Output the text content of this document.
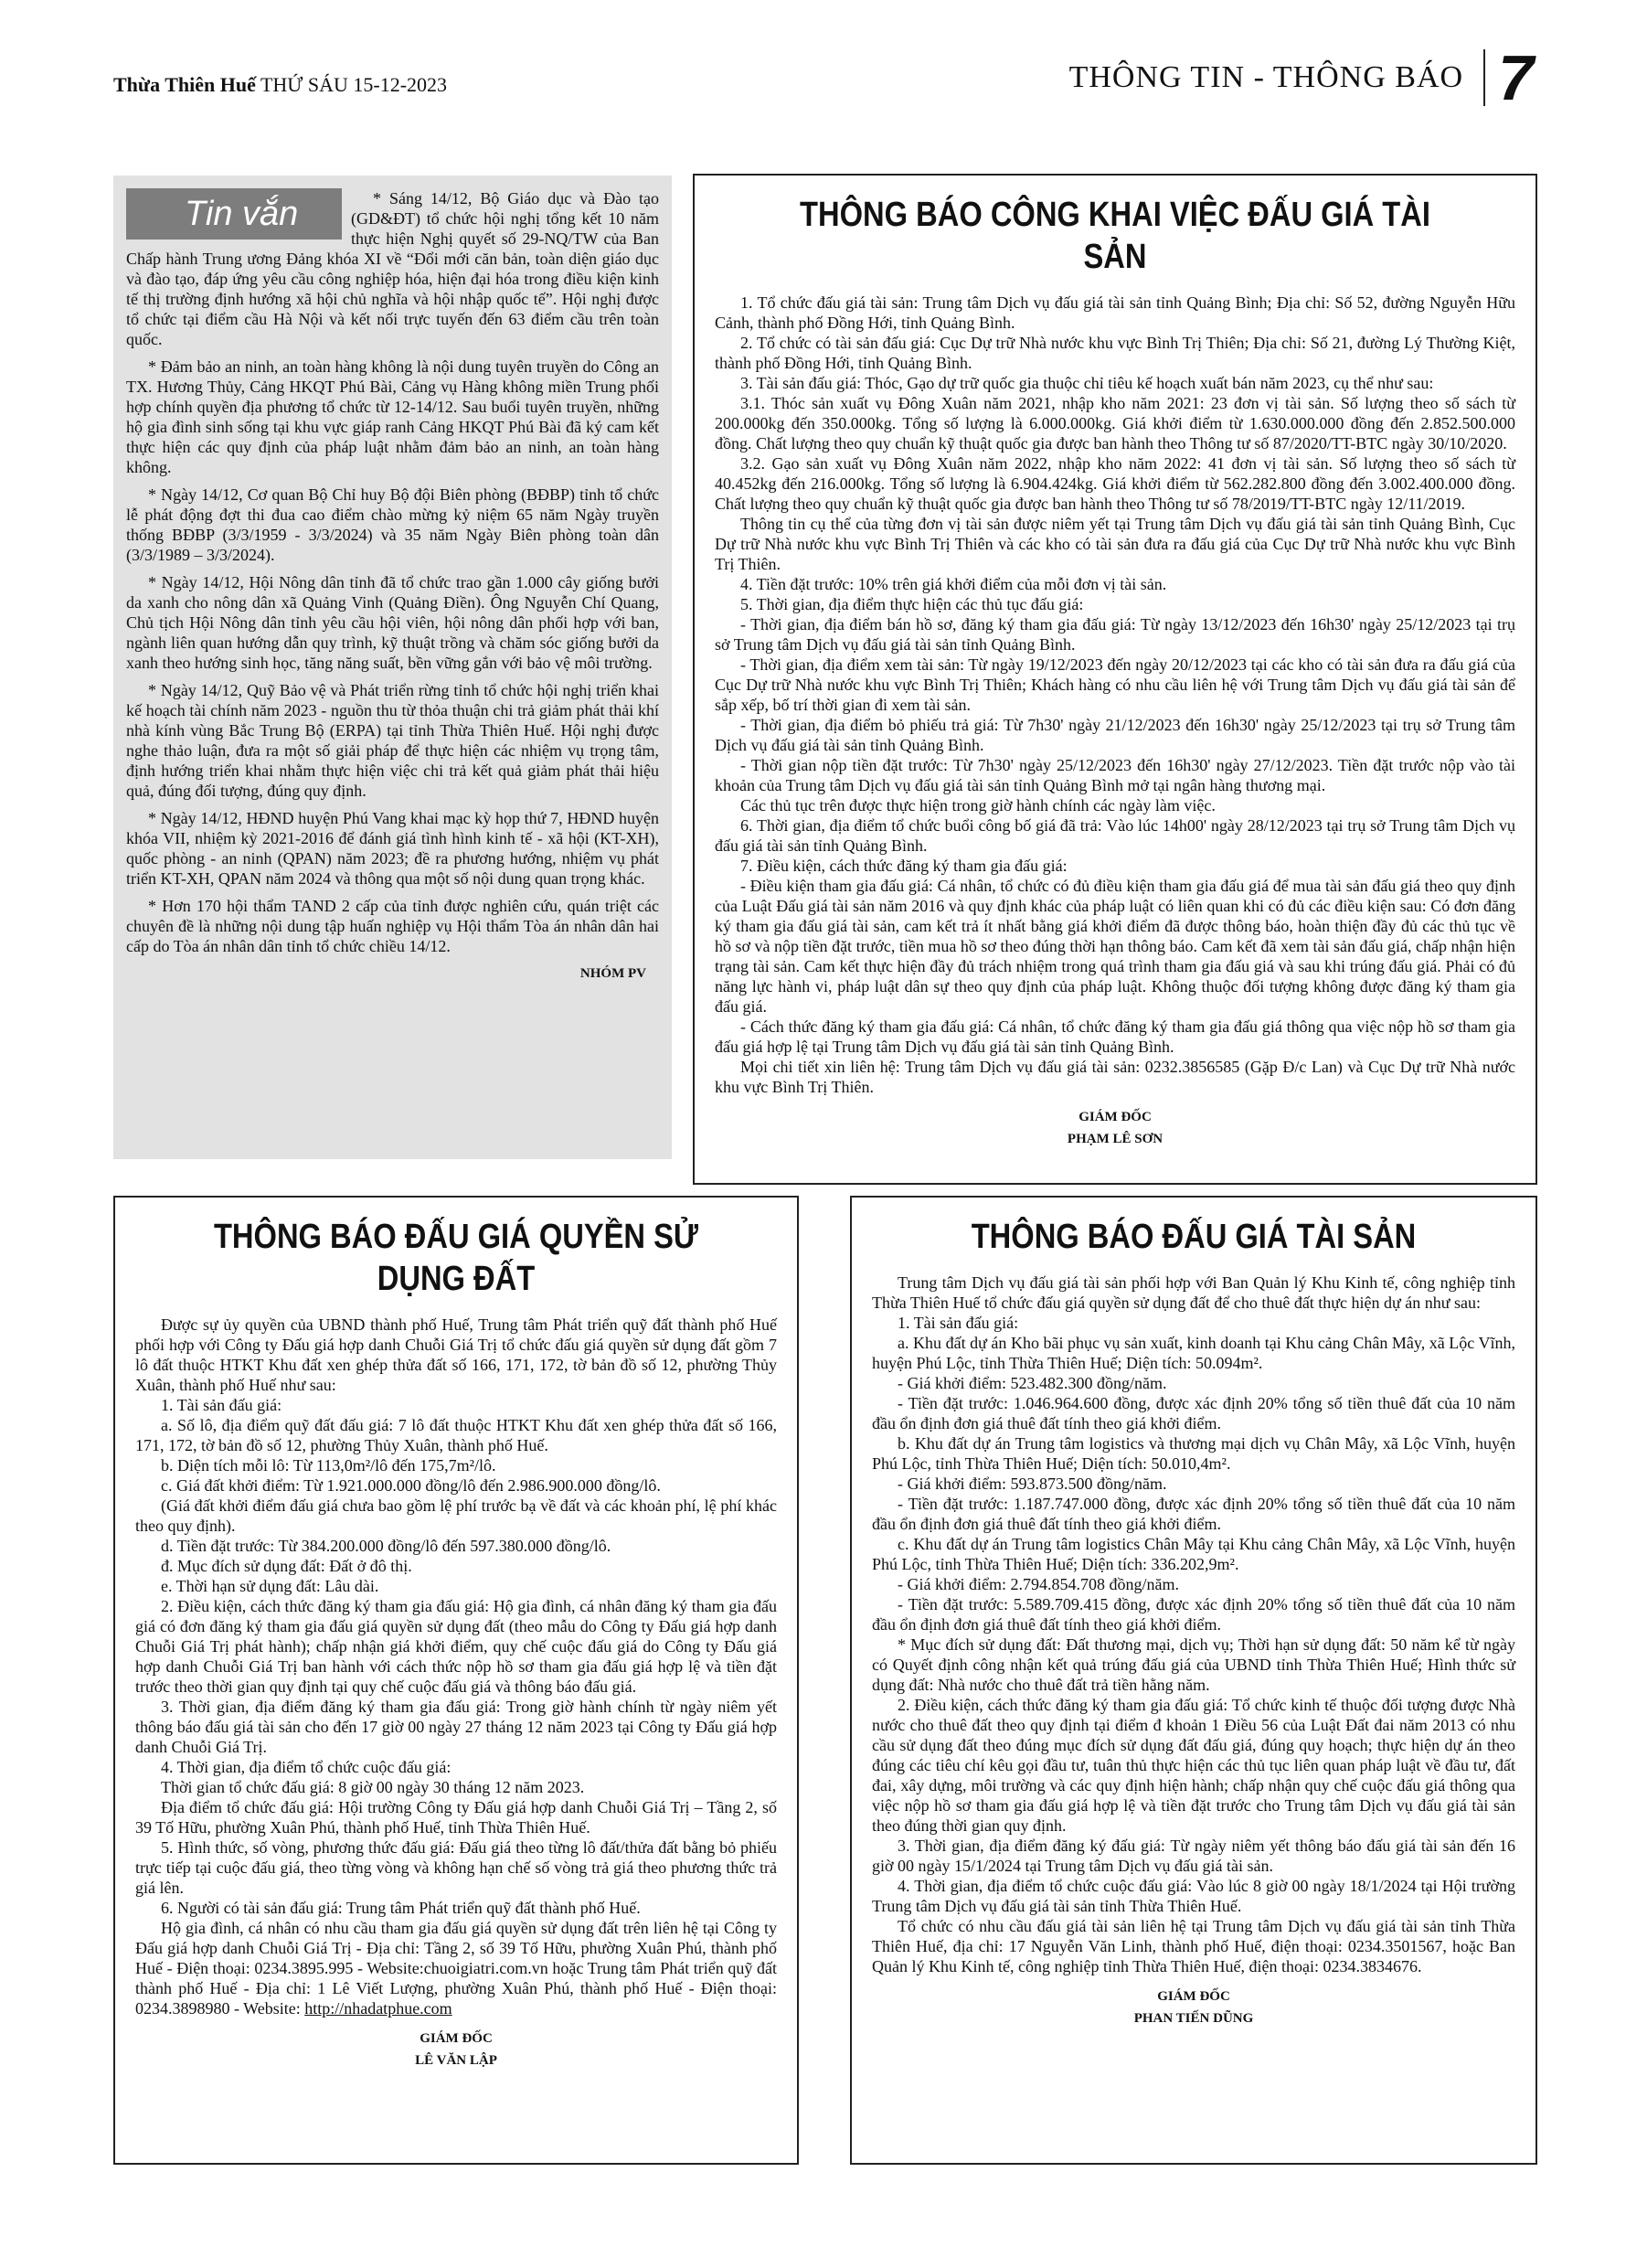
Thừa Thiên Huế THỨ SÁU 15-12-2023	THÔNG TIN - THÔNG BÁO 7
Tin vắn	* Sáng 14/12, Bộ Giáo dục và Đào tạo (GD&ĐT) tổ chức hội nghị tổng kết 10 năm thực hiện Nghị quyết số 29-NQ/TW của Ban Chấp hành Trung ương Đảng khóa XI về “Đổi mới căn bản, toàn diện giáo dục và đào tạo, đáp ứng yêu cầu công nghiệp hóa, hiện đại hóa trong điều kiện kinh tế thị trường định hướng xã hội chủ nghĩa và hội nhập quốc tế”. Hội nghị được tổ chức tại điểm cầu Hà Nội và kết nối trực tuyến đến 63 điểm cầu trên toàn quốc.

* Đảm bảo an ninh, an toàn hàng không là nội dung tuyên truyền do Công an TX. Hương Thủy, Cảng HKQT Phú Bài, Cảng vụ Hàng không miền Trung phối hợp chính quyền địa phương tổ chức từ 12-14/12. Sau buổi tuyên truyền, những hộ gia đình sinh sống tại khu vực giáp ranh Cảng HKQT Phú Bài đã ký cam kết thực hiện các quy định của pháp luật nhằm đảm bảo an ninh, an toàn hàng không.

* Ngày 14/12, Cơ quan Bộ Chỉ huy Bộ đội Biên phòng (BĐBP) tỉnh tổ chức lễ phát động đợt thi đua cao điểm chào mừng kỷ niệm 65 năm Ngày truyền thống BĐBP (3/3/1959 - 3/3/2024) và 35 năm Ngày Biên phòng toàn dân (3/3/1989 – 3/3/2024).

* Ngày 14/12, Hội Nông dân tỉnh đã tổ chức trao gần 1.000 cây giống bưởi da xanh cho nông dân xã Quảng Vinh (Quảng Điền). Ông Nguyễn Chí Quang, Chủ tịch Hội Nông dân tỉnh yêu cầu hội viên, hội nông dân phối hợp với ban, ngành liên quan hướng dẫn quy trình, kỹ thuật trồng và chăm sóc giống bưởi da xanh theo hướng sinh học, tăng năng suất, bền vững gắn với bảo vệ môi trường.

* Ngày 14/12, Quỹ Bảo vệ và Phát triển rừng tỉnh tổ chức hội nghị triển khai kế hoạch tài chính năm 2023 - nguồn thu từ thỏa thuận chi trả giảm phát thải khí nhà kính vùng Bắc Trung Bộ (ERPA) tại tỉnh Thừa Thiên Huế. Hội nghị được nghe thảo luận, đưa ra một số giải pháp để thực hiện các nhiệm vụ trọng tâm, định hướng triển khai nhằm thực hiện việc chi trả kết quả giảm phát thải hiệu quả, đúng đối tượng, đúng quy định.

* Ngày 14/12, HĐND huyện Phú Vang khai mạc kỳ họp thứ 7, HĐND huyện khóa VII, nhiệm kỳ 2021-2016 để đánh giá tình hình kinh tế - xã hội (KT-XH), quốc phòng - an ninh (QPAN) năm 2023; đề ra phương hướng, nhiệm vụ phát triển KT-XH, QPAN năm 2024 và thông qua một số nội dung quan trọng khác.

* Hơn 170 hội thẩm TAND 2 cấp của tỉnh được nghiên cứu, quán triệt các chuyên đề là những nội dung tập huấn nghiệp vụ Hội thẩm Tòa án nhân dân hai cấp do Tòa án nhân dân tỉnh tổ chức chiều 14/12.

NHÓM PV

THÔNG BÁO CÔNG KHAI VIỆC ĐẤU GIÁ TÀI SẢN

1. Tổ chức đấu giá tài sản: Trung tâm Dịch vụ đấu giá tài sản tỉnh Quảng Bình; Địa chỉ: Số 52, đường Nguyễn Hữu Cảnh, thành phố Đồng Hới, tỉnh Quảng Bình.

2. Tổ chức có tài sản đấu giá: Cục Dự trữ Nhà nước khu vực Bình Trị Thiên; Địa chỉ: Số 21, đường Lý Thường Kiệt, thành phố Đồng Hới, tỉnh Quảng Bình.

3. Tài sản đấu giá: Thóc, Gạo dự trữ quốc gia thuộc chỉ tiêu kế hoạch xuất bán năm 2023, cụ thể như sau:

3.1. Thóc sản xuất vụ Đông Xuân năm 2021, nhập kho năm 2021: 23 đơn vị tài sản. Số lượng theo số sách từ 200.000kg đến 350.000kg. Tổng số lượng là 6.000.000kg. Giá khởi điểm từ 1.630.000.000 đồng đến 2.852.500.000 đồng. Chất lượng theo quy chuẩn kỹ thuật quốc gia được ban hành theo Thông tư số 87/2020/TT-BTC ngày 30/10/2020.

3.2. Gạo sản xuất vụ Đông Xuân năm 2022, nhập kho năm 2022: 41 đơn vị tài sản. Số lượng theo số sách từ 40.452kg đến 216.000kg. Tổng số lượng là 6.904.424kg. Giá khởi điểm từ 562.282.800 đồng đến 3.002.400.000 đồng. Chất lượng theo quy chuẩn kỹ thuật quốc gia được ban hành theo Thông tư số 78/2019/TT-BTC ngày 12/11/2019.

Thông tin cụ thể của từng đơn vị tài sản được niêm yết tại Trung tâm Dịch vụ đấu giá tài sản tỉnh Quảng Bình, Cục Dự trữ Nhà nước khu vực Bình Trị Thiên và các kho có tài sản đưa ra đấu giá của Cục Dự trữ Nhà nước khu vực Bình Trị Thiên.

4. Tiền đặt trước: 10% trên giá khởi điểm của mỗi đơn vị tài sản.

5. Thời gian, địa điểm thực hiện các thủ tục đấu giá:

- Thời gian, địa điểm bán hồ sơ, đăng ký tham gia đấu giá: Từ ngày 13/12/2023 đến 16h30' ngày 25/12/2023 tại trụ sở Trung tâm Dịch vụ đấu giá tài sản tỉnh Quảng Bình.

- Thời gian, địa điểm xem tài sản: Từ ngày 19/12/2023 đến ngày 20/12/2023 tại các kho có tài sản đưa ra đấu giá của Cục Dự trữ Nhà nước khu vực Bình Trị Thiên; Khách hàng có nhu cầu liên hệ với Trung tâm Dịch vụ đấu giá tài sản để sắp xếp, bố trí thời gian đi xem tài sản.

- Thời gian, địa điểm bỏ phiếu trả giá: Từ 7h30' ngày 21/12/2023 đến 16h30' ngày 25/12/2023 tại trụ sở Trung tâm Dịch vụ đấu giá tài sản tỉnh Quảng Bình.

- Thời gian nộp tiền đặt trước: Từ 7h30' ngày 25/12/2023 đến 16h30' ngày 27/12/2023. Tiền đặt trước nộp vào tài khoản của Trung tâm Dịch vụ đấu giá tài sản tỉnh Quảng Bình mở tại ngân hàng thương mại.

Các thủ tục trên được thực hiện trong giờ hành chính các ngày làm việc.

6. Thời gian, địa điểm tổ chức buổi công bố giá đã trả: Vào lúc 14h00' ngày 28/12/2023 tại trụ sở Trung tâm Dịch vụ đấu giá tài sản tỉnh Quảng Bình.

7. Điều kiện, cách thức đăng ký tham gia đấu giá:

- Điều kiện tham gia đấu giá: Cá nhân, tổ chức có đủ điều kiện tham gia đấu giá để mua tài sản đấu giá theo quy định của Luật Đấu giá tài sản năm 2016 và quy định khác của pháp luật có liên quan khi có đủ các điều kiện sau: Có đơn đăng ký tham gia đấu giá tài sản, cam kết trả ít nhất bằng giá khởi điểm đã được thông báo, hoàn thiện đầy đủ các thủ tục về hồ sơ và nộp tiền đặt trước, tiền mua hồ sơ theo đúng thời hạn thông báo. Cam kết đã xem tài sản đấu giá, chấp nhận hiện trạng tài sản. Cam kết thực hiện đầy đủ trách nhiệm trong quá trình tham gia đấu giá và sau khi trúng đấu giá. Phải có đủ năng lực hành vi, pháp luật dân sự theo quy định của pháp luật. Không thuộc đối tượng không được đăng ký tham gia đấu giá.

- Cách thức đăng ký tham gia đấu giá: Cá nhân, tổ chức đăng ký tham gia đấu giá thông qua việc nộp hồ sơ tham gia đấu giá hợp lệ tại Trung tâm Dịch vụ đấu giá tài sản tỉnh Quảng Bình.

Mọi chi tiết xin liên hệ: Trung tâm Dịch vụ đấu giá tài sản: 0232.3856585 (Gặp Đ/c Lan) và Cục Dự trữ Nhà nước khu vực Bình Trị Thiên.

GIÁM ĐỐC
PHẠM LÊ SƠN
THÔNG BÁO ĐẤU GIÁ QUYỀN SỬ DỤNG ĐẤT

Được sự ủy quyền của UBND thành phố Huế, Trung tâm Phát triển quỹ đất thành phố Huế phối hợp với Công ty Đấu giá hợp danh Chuỗi Giá Trị tổ chức đấu giá quyền sử dụng đất gồm 7 lô đất thuộc HTKT Khu đất xen ghép thửa đất số 166, 171, 172, tờ bản đồ số 12, phường Thủy Xuân, thành phố Huế như sau:

1. Tài sản đấu giá:

a. Số lô, địa điểm quỹ đất đấu giá: 7 lô đất thuộc HTKT Khu đất xen ghép thửa đất số 166, 171, 172, tờ bản đồ số 12, phường Thủy Xuân, thành phố Huế.

b. Diện tích mỗi lô: Từ 113,0m²/lô đến 175,7m²/lô.

c. Giá đất khởi điểm: Từ 1.921.000.000 đồng/lô đến 2.986.900.000 đồng/lô.

(Giá đất khởi điểm đấu giá chưa bao gồm lệ phí trước bạ về đất và các khoản phí, lệ phí khác theo quy định).

d. Tiền đặt trước: Từ 384.200.000 đồng/lô đến 597.380.000 đồng/lô.

đ. Mục đích sử dụng đất: Đất ở đô thị.

e. Thời hạn sử dụng đất: Lâu dài.

2. Điều kiện, cách thức đăng ký tham gia đấu giá: Hộ gia đình, cá nhân đăng ký tham gia đấu giá có đơn đăng ký tham gia đấu giá quyền sử dụng đất (theo mẫu do Công ty Đấu giá hợp danh Chuỗi Giá Trị phát hành); chấp nhận giá khởi điểm, quy chế cuộc đấu giá do Công ty Đấu giá hợp danh Chuỗi Giá Trị ban hành với cách thức nộp hồ sơ tham gia đấu giá hợp lệ và tiền đặt trước theo thời gian quy định tại quy chế cuộc đấu giá và thông báo đấu giá.

3. Thời gian, địa điểm đăng ký tham gia đấu giá: Trong giờ hành chính từ ngày niêm yết thông báo đấu giá tài sản cho đến 17 giờ 00 ngày 27 tháng 12 năm 2023 tại Công ty Đấu giá hợp danh Chuỗi Giá Trị.

4. Thời gian, địa điểm tổ chức cuộc đấu giá:

Thời gian tổ chức đấu giá: 8 giờ 00 ngày 30 tháng 12 năm 2023.

Địa điểm tổ chức đấu giá: Hội trường Công ty Đấu giá hợp danh Chuỗi Giá Trị – Tầng 2, số 39 Tố Hữu, phường Xuân Phú, thành phố Huế, tỉnh Thừa Thiên Huế.

5. Hình thức, số vòng, phương thức đấu giá: Đấu giá theo từng lô đất/thửa đất bằng bỏ phiếu trực tiếp tại cuộc đấu giá, theo từng vòng và không hạn chế số vòng trả giá theo phương thức trả giá lên.

6. Người có tài sản đấu giá: Trung tâm Phát triển quỹ đất thành phố Huế.

Hộ gia đình, cá nhân có nhu cầu tham gia đấu giá quyền sử dụng đất trên liên hệ tại Công ty Đấu giá hợp danh Chuỗi Giá Trị - Địa chỉ: Tầng 2, số 39 Tố Hữu, phường Xuân Phú, thành phố Huế - Điện thoại: 0234.3895.995 - Website:chuoigiatri.com.vn hoặc Trung tâm Phát triển quỹ đất thành phố Huế - Địa chỉ: 1 Lê Viết Lượng, phường Xuân Phú, thành phố Huế - Điện thoại: 0234.3898980 - Website: http://nhadatphue.com

GIÁM ĐỐC
LÊ VĂN LẬP
THÔNG BÁO ĐẤU GIÁ TÀI SẢN

Trung tâm Dịch vụ đấu giá tài sản phối hợp với Ban Quản lý Khu Kinh tế, công nghiệp tỉnh Thừa Thiên Huế tổ chức đấu giá quyền sử dụng đất để cho thuê đất thực hiện dự án như sau:

1. Tài sản đấu giá:

a. Khu đất dự án Kho bãi phục vụ sản xuất, kinh doanh tại Khu cảng Chân Mây, xã Lộc Vĩnh, huyện Phú Lộc, tỉnh Thừa Thiên Huế; Diện tích: 50.094m².

- Giá khởi điểm: 523.482.300 đồng/năm.

- Tiền đặt trước: 1.046.964.600 đồng, được xác định 20% tổng số tiền thuê đất của 10 năm đầu ổn định đơn giá thuê đất tính theo giá khởi điểm.

b. Khu đất dự án Trung tâm logistics và thương mại dịch vụ Chân Mây, xã Lộc Vĩnh, huyện Phú Lộc, tỉnh Thừa Thiên Huế; Diện tích: 50.010,4m².

- Giá khởi điểm: 593.873.500 đồng/năm.

- Tiền đặt trước: 1.187.747.000 đồng, được xác định 20% tổng số tiền thuê đất của 10 năm đầu ổn định đơn giá thuê đất tính theo giá khởi điểm.

c. Khu đất dự án Trung tâm logistics Chân Mây tại Khu cảng Chân Mây, xã Lộc Vĩnh, huyện Phú Lộc, tỉnh Thừa Thiên Huế; Diện tích: 336.202,9m².

- Giá khởi điểm: 2.794.854.708 đồng/năm.

- Tiền đặt trước: 5.589.709.415 đồng, được xác định 20% tổng số tiền thuê đất của 10 năm đầu ổn định đơn giá thuê đất tính theo giá khởi điểm.

* Mục đích sử dụng đất: Đất thương mại, dịch vụ; Thời hạn sử dụng đất: 50 năm kể từ ngày có Quyết định công nhận kết quả trúng đấu giá của UBND tỉnh Thừa Thiên Huế; Hình thức sử dụng đất: Nhà nước cho thuê đất trả tiền hằng năm.

2. Điều kiện, cách thức đăng ký tham gia đấu giá: Tổ chức kinh tế thuộc đối tượng được Nhà nước cho thuê đất theo quy định tại điểm đ khoản 1 Điều 56 của Luật Đất đai năm 2013 có nhu cầu sử dụng đất theo đúng mục đích sử dụng đất đấu giá, đúng quy hoạch; thực hiện dự án theo đúng các tiêu chí kêu gọi đầu tư, tuân thủ thực hiện các thủ tục liên quan pháp luật về đầu tư, đất đai, xây dựng, môi trường và các quy định hiện hành; chấp nhận quy chế cuộc đấu giá thông qua việc nộp hồ sơ tham gia đấu giá hợp lệ và tiền đặt trước cho Trung tâm Dịch vụ đấu giá tài sản theo đúng thời gian quy định.

3. Thời gian, địa điểm đăng ký đấu giá: Từ ngày niêm yết thông báo đấu giá tài sản đến 16 giờ 00 ngày 15/1/2024 tại Trung tâm Dịch vụ đấu giá tài sản.

4. Thời gian, địa điểm tổ chức cuộc đấu giá: Vào lúc 8 giờ 00 ngày 18/1/2024 tại Hội trường Trung tâm Dịch vụ đấu giá tài sản tỉnh Thừa Thiên Huế.

Tổ chức có nhu cầu đấu giá tài sản liên hệ tại Trung tâm Dịch vụ đấu giá tài sản tỉnh Thừa Thiên Huế, địa chỉ: 17 Nguyễn Văn Linh, thành phố Huế, điện thoại: 0234.3501567, hoặc Ban Quản lý Khu Kinh tế, công nghiệp tỉnh Thừa Thiên Huế, điện thoại: 0234.3834676.

GIÁM ĐỐC
PHAN TIẾN DŨNG
